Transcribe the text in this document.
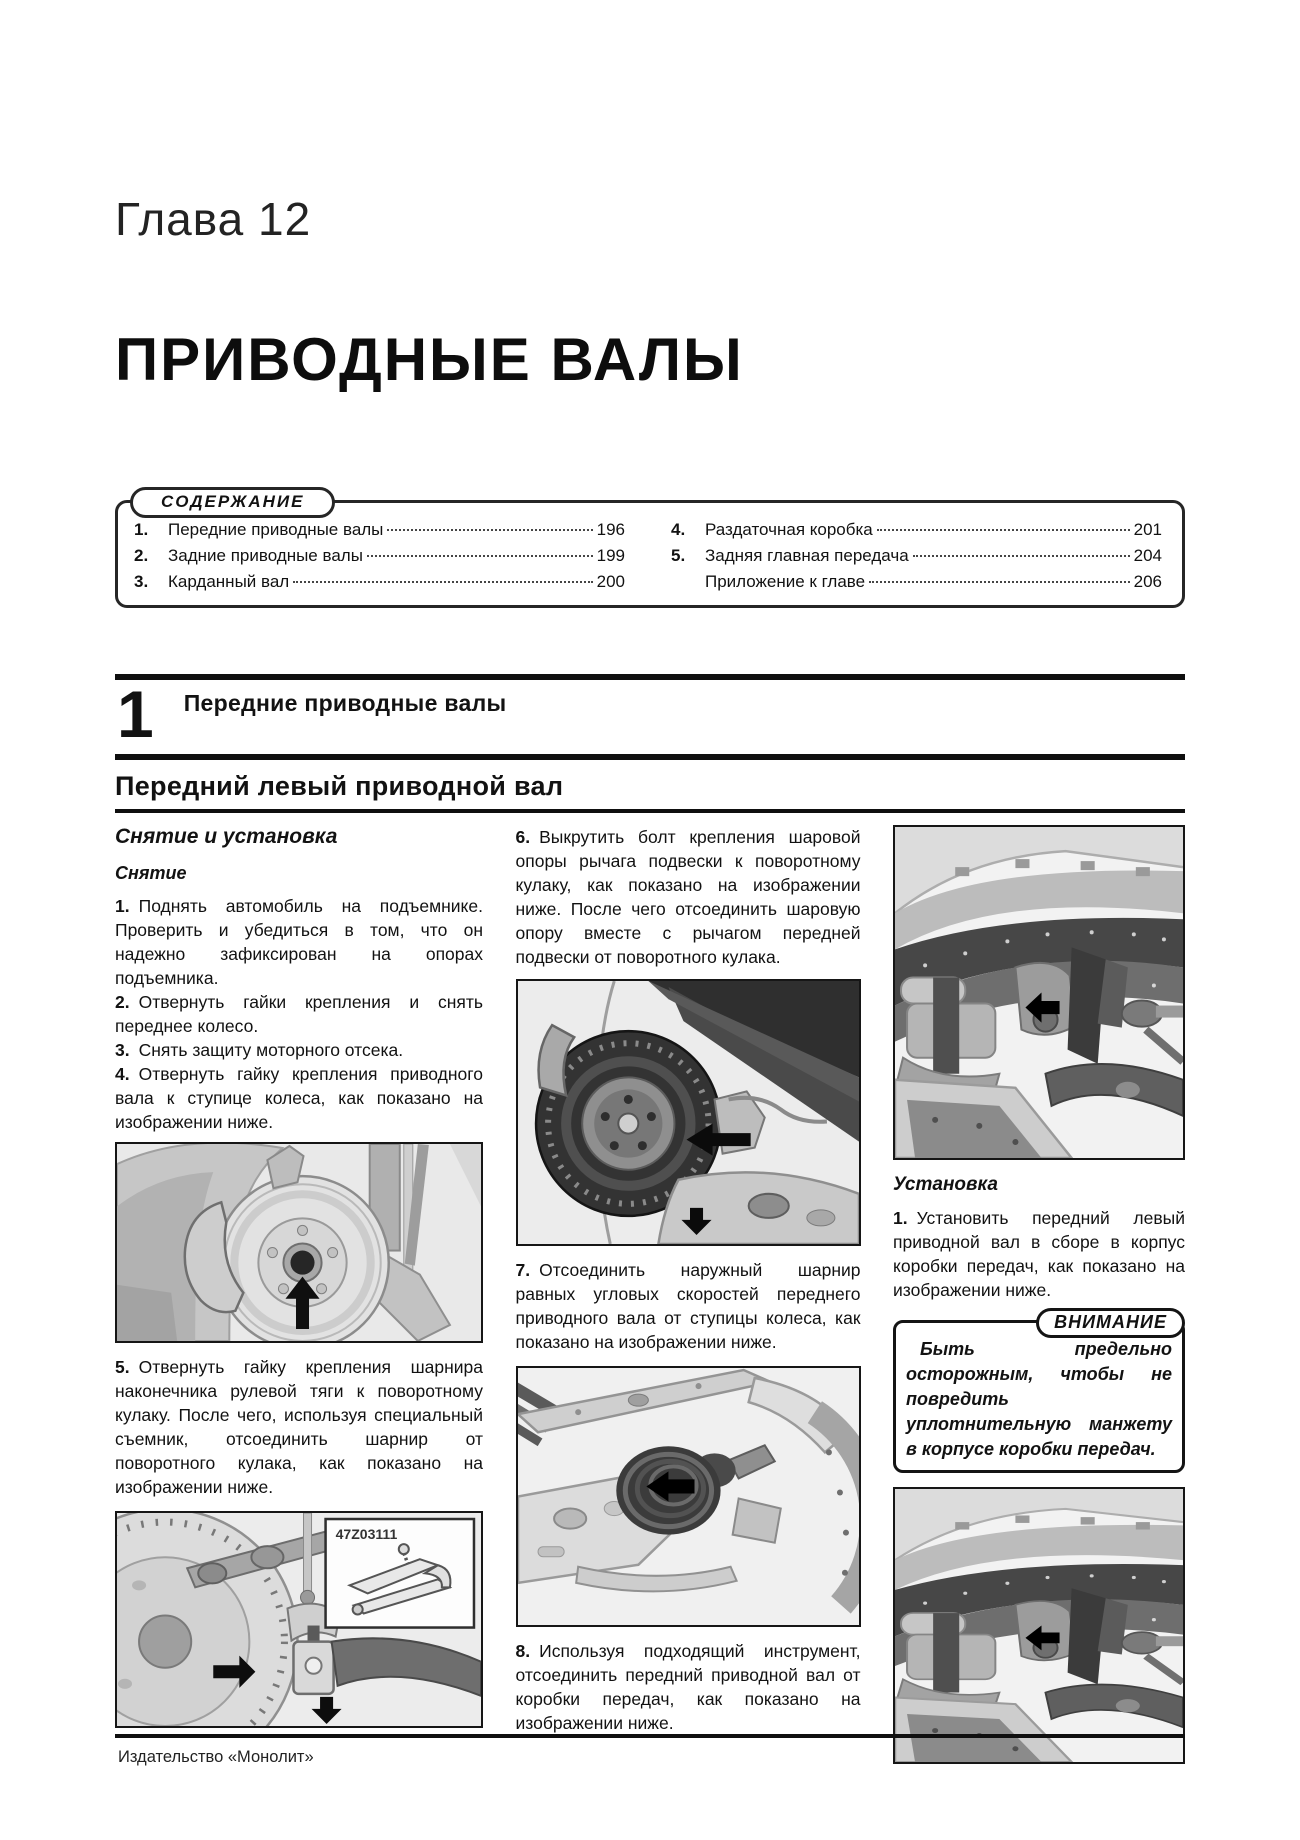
Глава 12
ПРИВОДНЫЕ ВАЛЫ
СОДЕРЖАНИЕ
1.	Передние приводные валы	196
2.	Задние приводные валы	199
3.	Карданный вал	200
4.	Раздаточная коробка	201
5.	Задняя главная передача	204
Приложение к главе	206
1 Передние приводные валы
Передний левый приводной вал
Снятие и установка
Снятие

1. Поднять автомобиль на подъемнике. Проверить и убедиться в том, что он надежно зафиксирован на опорах подъемника.

2. Отвернуть гайки крепления и снять переднее колесо.

3. Снять защиту моторного отсека.

4. Отвернуть гайку крепления приводного вала к ступице колеса, как показано на изображении ниже.

5. Отвернуть гайку крепления шарнира наконечника рулевой тяги к поворотному кулаку. После чего, используя специальный съемник, отсоединить шарнир от поворотного кулака, как показано на изображении ниже.

47Z03111

6. Выкрутить болт крепления шаровой опоры рычага подвески к поворотному кулаку, как показано на изображении ниже. После чего отсоединить шаровую опору вместе с рычагом передней подвески от поворотного кулака.

7. Отсоединить наружный шарнир равных угловых скоростей переднего приводного вала от ступицы колеса, как показано на изображении ниже.

8. Используя подходящий инструмент, отсоединить передний приводной вал от коробки передач, как показано на изображении ниже.

Установка

1. Установить передний левый приводной вал в сборе в корпус коробки передач, как показано на изображении ниже.

ВНИМАНИЕ

Быть предельно осторожным, чтобы не повредить уплотнительную манжету в корпусе коробки передач.

Издательство «Монолит»
